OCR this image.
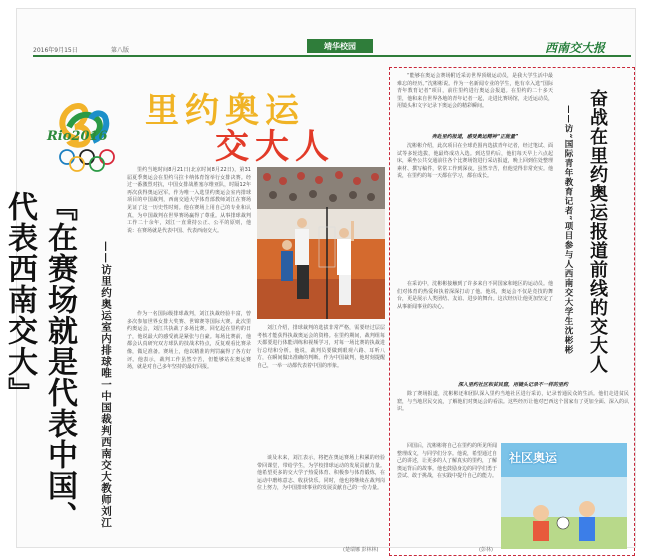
2016年9月15日	第八版	靖华校园	西南交大报
Rio2016
里约奥运
交大人
『在赛场就是代表中国、代表西南交大』	——访里约奥运室内排球唯一中国裁判西南交大教师刘江

里约当地时间8月21日(北京时间8月22日)，第31届夏季奥运会在里约马拉卡纳体育馆举行女排决赛。经过一番激烈对抗，中国女排战胜塞尔维亚队，时隔12年再次获得奥运冠军。作为唯一入选里约奥运会室内排球项目的中国裁判，西南交通大学体育部教师刘江在赛场见证了这一历史性时刻。他在赛场上用自己的专业和认真，为中国裁判在世界赛场赢得了尊重。从事排球裁判工作二十余年，刘江一直秉持公正、公平的原则，他说：在赛场就是代表中国、代表西南交大。

作为一名国际级排球裁判，刘江执裁经验丰富，曾多次参加世界女排大奖赛、世锦赛等国际大赛。此次里约奥运会，刘江共执裁了多场比赛。回忆起在里约的日子，他说最大的感受就是紧张与自豪。每场比赛前，他都会认真研究双方球队的技战术特点，反复观看比赛录像，做足准备。赛场上，他以精准的判罚赢得了各方好评。他表示，裁判工作虽然辛苦，但能够站在奥运赛场，就是对自己多年坚持的最好回报。

刘江介绍，排球裁判的选拔非常严格，需要经过层层考核才能获得执裁奥运会的资格。在里约期间，裁判组每天都要进行体能训练和视频学习，对每一场比赛的执裁进行总结和分析。他说，裁判员要做到眼观六路、耳听八方，在瞬间做出准确的判断。作为中国裁判，他时刻提醒自己，一举一动都代表着中国的形象。

谈及未来，刘江表示，将把在奥运赛场上积累的经验带回课堂，带给学生，为学校排球运动的发展贡献力量。他希望更多的交大学子热爱体育、积极参与体育锻炼，在运动中磨练意志、收获快乐。同时，他也将继续在裁判岗位上努力，为中国排球事业的发展贡献自己的一份力量。

(楚瑞娜 彭林林)
奋战在里约奥运报道前线的交大人
——访“国际青年教育记者”项目参与人西南交大学生沈彬彬

“能够在奥运会赛场附近采访世界顶级运动员，是我大学生活中最难忘的经历。”沈彬彬说。作为一名新闻专业的学生，他有幸入选“国际青年教育记者”项目，前往里约进行奥运会报道。在里约的二十多天里，他和来自世界各地的青年记者一起，走进比赛场馆，走近运动员，用镜头和文字记录下奥运会的精彩瞬间。

奔赴里约报道，感受奥运精神“正能量”

沈彬彬介绍，此次项目在全球范围内选拔青年记者，经过笔试、面试等多轮选拔，他最终成功入选。到达里约后，他们每天早上六点起床，乘坐公共交通前往各个比赛场馆进行采访报道，晚上回到住处整理素材、撰写稿件，常常工作到深夜。虽然辛苦，但他觉得非常充实。他说，在里约的每一天都在学习，都在成长。

在采访中，沈彬彬接触到了许多来自不同国家和地区的运动员。他们对体育的热爱和执着深深打动了他。他说，奥运会不仅是竞技的舞台，更是展示人类团结、友谊、进步的舞台。这次经历让他更加坚定了从事新闻事业的决心。

深入里约社区和贫民窟，用镜头记录不一样的里约

除了赛场报道，沈彬彬还和团队深入里约当地社区进行采访，记录普通民众的生活。他们走进贫民窟，与当地居民交流，了解他们对奥运会的看法。这些经历让他对巴西这个国家有了更加全面、深入的认识。

回国后，沈彬彬将自己在里约的所见所闻整理成文，与同学们分享。他说，希望通过自己的讲述，让更多的人了解真实的里约，了解奥运背后的故事。他也鼓励身边的同学们勇于尝试、敢于挑战，在实践中提升自己的能力。

(彭林)
社区奥运
